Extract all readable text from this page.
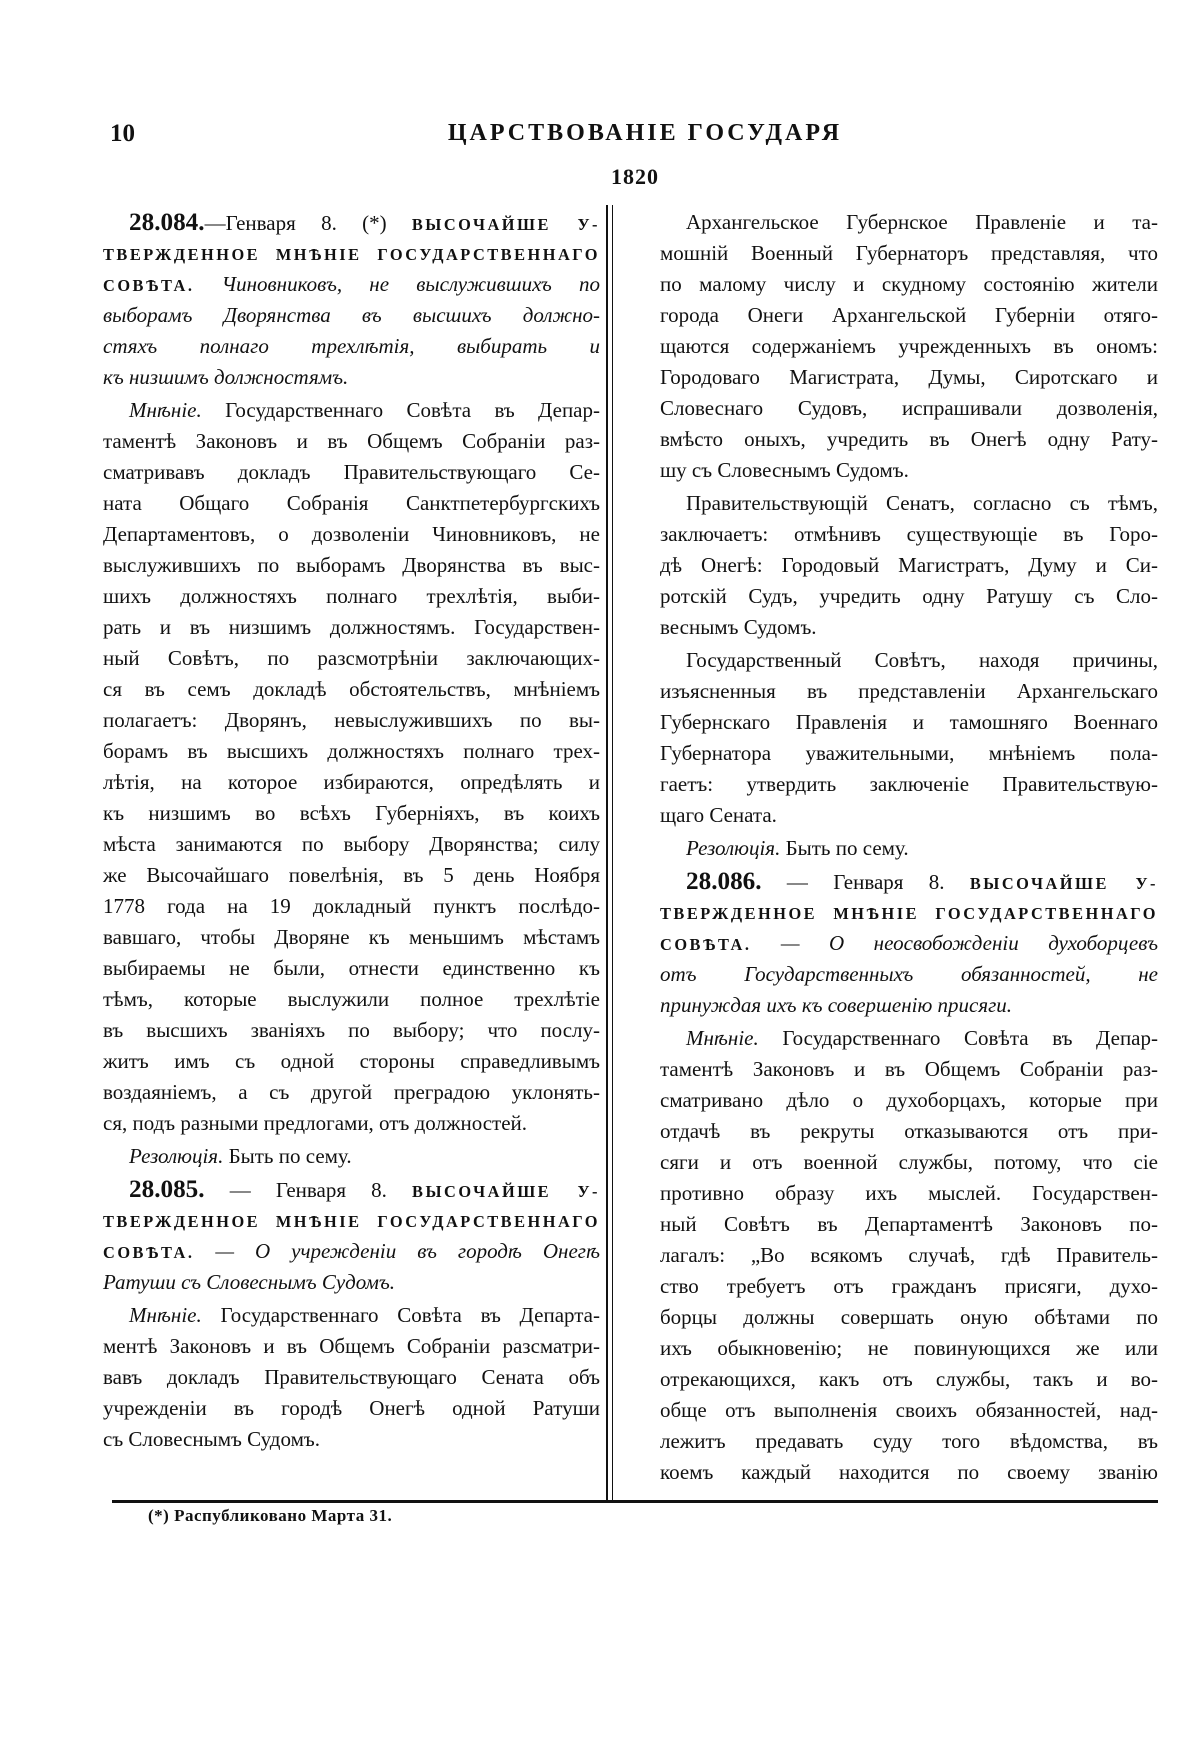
10	ЦАРСТВОВАНІЕ ГОСУДАРЯ
1820
28.084.—Генваря 8. (*) ВЫСОЧАЙШЕ У-
ТВЕРЖДЕННОЕ МНѢНІЕ ГОСУДАРСТВЕННАГО
СОВѢТА. Чиновниковъ, не выслужившихъ по
выборамъ Дворянства въ высшихъ должно-
стяхъ полнаго трехлѣтія, выбирать и
къ низшимъ должностямъ.
Мнѣніе. Государственнаго Совѣта въ Депар-
таментѣ Законовъ и въ Общемъ Собраніи раз-
сматривавъ докладъ Правительствующаго Се-
ната Общаго Собранія Санктпетербургскихъ
Департаментовъ, о дозволеніи Чиновниковъ, не
выслужившихъ по выборамъ Дворянства въ выс-
шихъ должностяхъ полнаго трехлѣтія, выби-
рать и въ низшимъ должностямъ. Государствен-
ный Совѣтъ, по разсмотрѣніи заключающих-
ся въ семъ докладѣ обстоятельствъ, мнѣніемъ
полагаетъ: Дворянъ, невыслужившихъ по вы-
борамъ въ высшихъ должностяхъ полнаго трех-
лѣтія, на которое избираются, опредѣлять и
къ низшимъ во всѣхъ Губерніяхъ, въ коихъ
мѣста занимаются по выбору Дворянства; силу
же Высочайшаго повелѣнія, въ 5 день Ноября
1778 года на 19 докладный пунктъ послѣдо-
вавшаго, чтобы Дворяне къ меньшимъ мѣстамъ
выбираемы не были, отнести единственно къ
тѣмъ, которые выслужили полное трехлѣтіе
въ высшихъ званіяхъ по выбору; что послу-
житъ имъ съ одной стороны справедливымъ
воздаяніемъ, а съ другой преградою уклонять-
ся, подъ разными предлогами, отъ должностей.
Резолюція. Быть по сему.
28.085. — Генваря 8. ВЫСОЧАЙШЕ У-
ТВЕРЖДЕННОЕ МНѢНІЕ ГОСУДАРСТВЕННАГО
СОВѢТА. — О учрежденіи въ городѣ Онегѣ
Ратуши съ Словеснымъ Судомъ.
Мнѣніе. Государственнаго Совѣта въ Департа-
ментѣ Законовъ и въ Общемъ Собраніи разсматри-
вавъ докладъ Правительствующаго Сената объ
учрежденіи въ городѣ Онегѣ одной Ратуши
съ Словеснымъ Судомъ.
Архангельское Губернское Правленіе и та-
мошній Военный Губернаторъ представляя, что
по малому числу и скудному состоянію жители
города Онеги Архангельской Губерніи отяго-
щаются содержаніемъ учрежденныхъ въ ономъ:
Городоваго Магистрата, Думы, Сиротскаго и
Словеснаго Судовъ, испрашивали дозволенія,
вмѣсто оныхъ, учредить въ Онегѣ одну Рату-
шу съ Словеснымъ Судомъ.
Правительствующій Сенатъ, согласно съ тѣмъ,
заключаетъ: отмѣнивъ существующіе въ Горо-
дѣ Онегѣ: Городовый Магистратъ, Думу и Си-
ротскій Судъ, учредить одну Ратушу съ Сло-
веснымъ Судомъ.
Государственный Совѣтъ, находя причины,
изъясненныя въ представленіи Архангельскаго
Губернскаго Правленія и тамошняго Военнаго
Губернатора уважительными, мнѣніемъ пола-
гаетъ: утвердить заключеніе Правительствую-
щаго Сената.
Резолюція. Быть по сему.
28.086. — Генваря 8. ВЫСОЧАЙШЕ У-
ТВЕРЖДЕННОЕ МНѢНІЕ ГОСУДАРСТВЕННАГО
СОВѢТА. — О неосвобожденіи духоборцевъ
отъ Государственныхъ обязанностей, не
принуждая ихъ къ совершенію присяги.
Мнѣніе. Государственнаго Совѣта въ Депар-
таментѣ Законовъ и въ Общемъ Собраніи раз-
сматривано дѣло о духоборцахъ, которые при
отдачѣ въ рекруты отказываются отъ при-
сяги и отъ военной службы, потому, что сіе
противно образу ихъ мыслей. Государствен-
ный Совѣтъ въ Департаментѣ Законовъ по-
лагалъ: „Во всякомъ случаѣ, гдѣ Правитель-
ство требуетъ отъ гражданъ присяги, духо-
борцы должны совершать оную обѣтами по
ихъ обыкновенію; не повинующихся же или
отрекающихся, какъ отъ службы, такъ и во-
обще отъ выполненія своихъ обязанностей, над-
лежитъ предавать суду того вѣдомства, въ
коемъ каждый находится по своему званію
(*) Распубликовано Марта 31.
